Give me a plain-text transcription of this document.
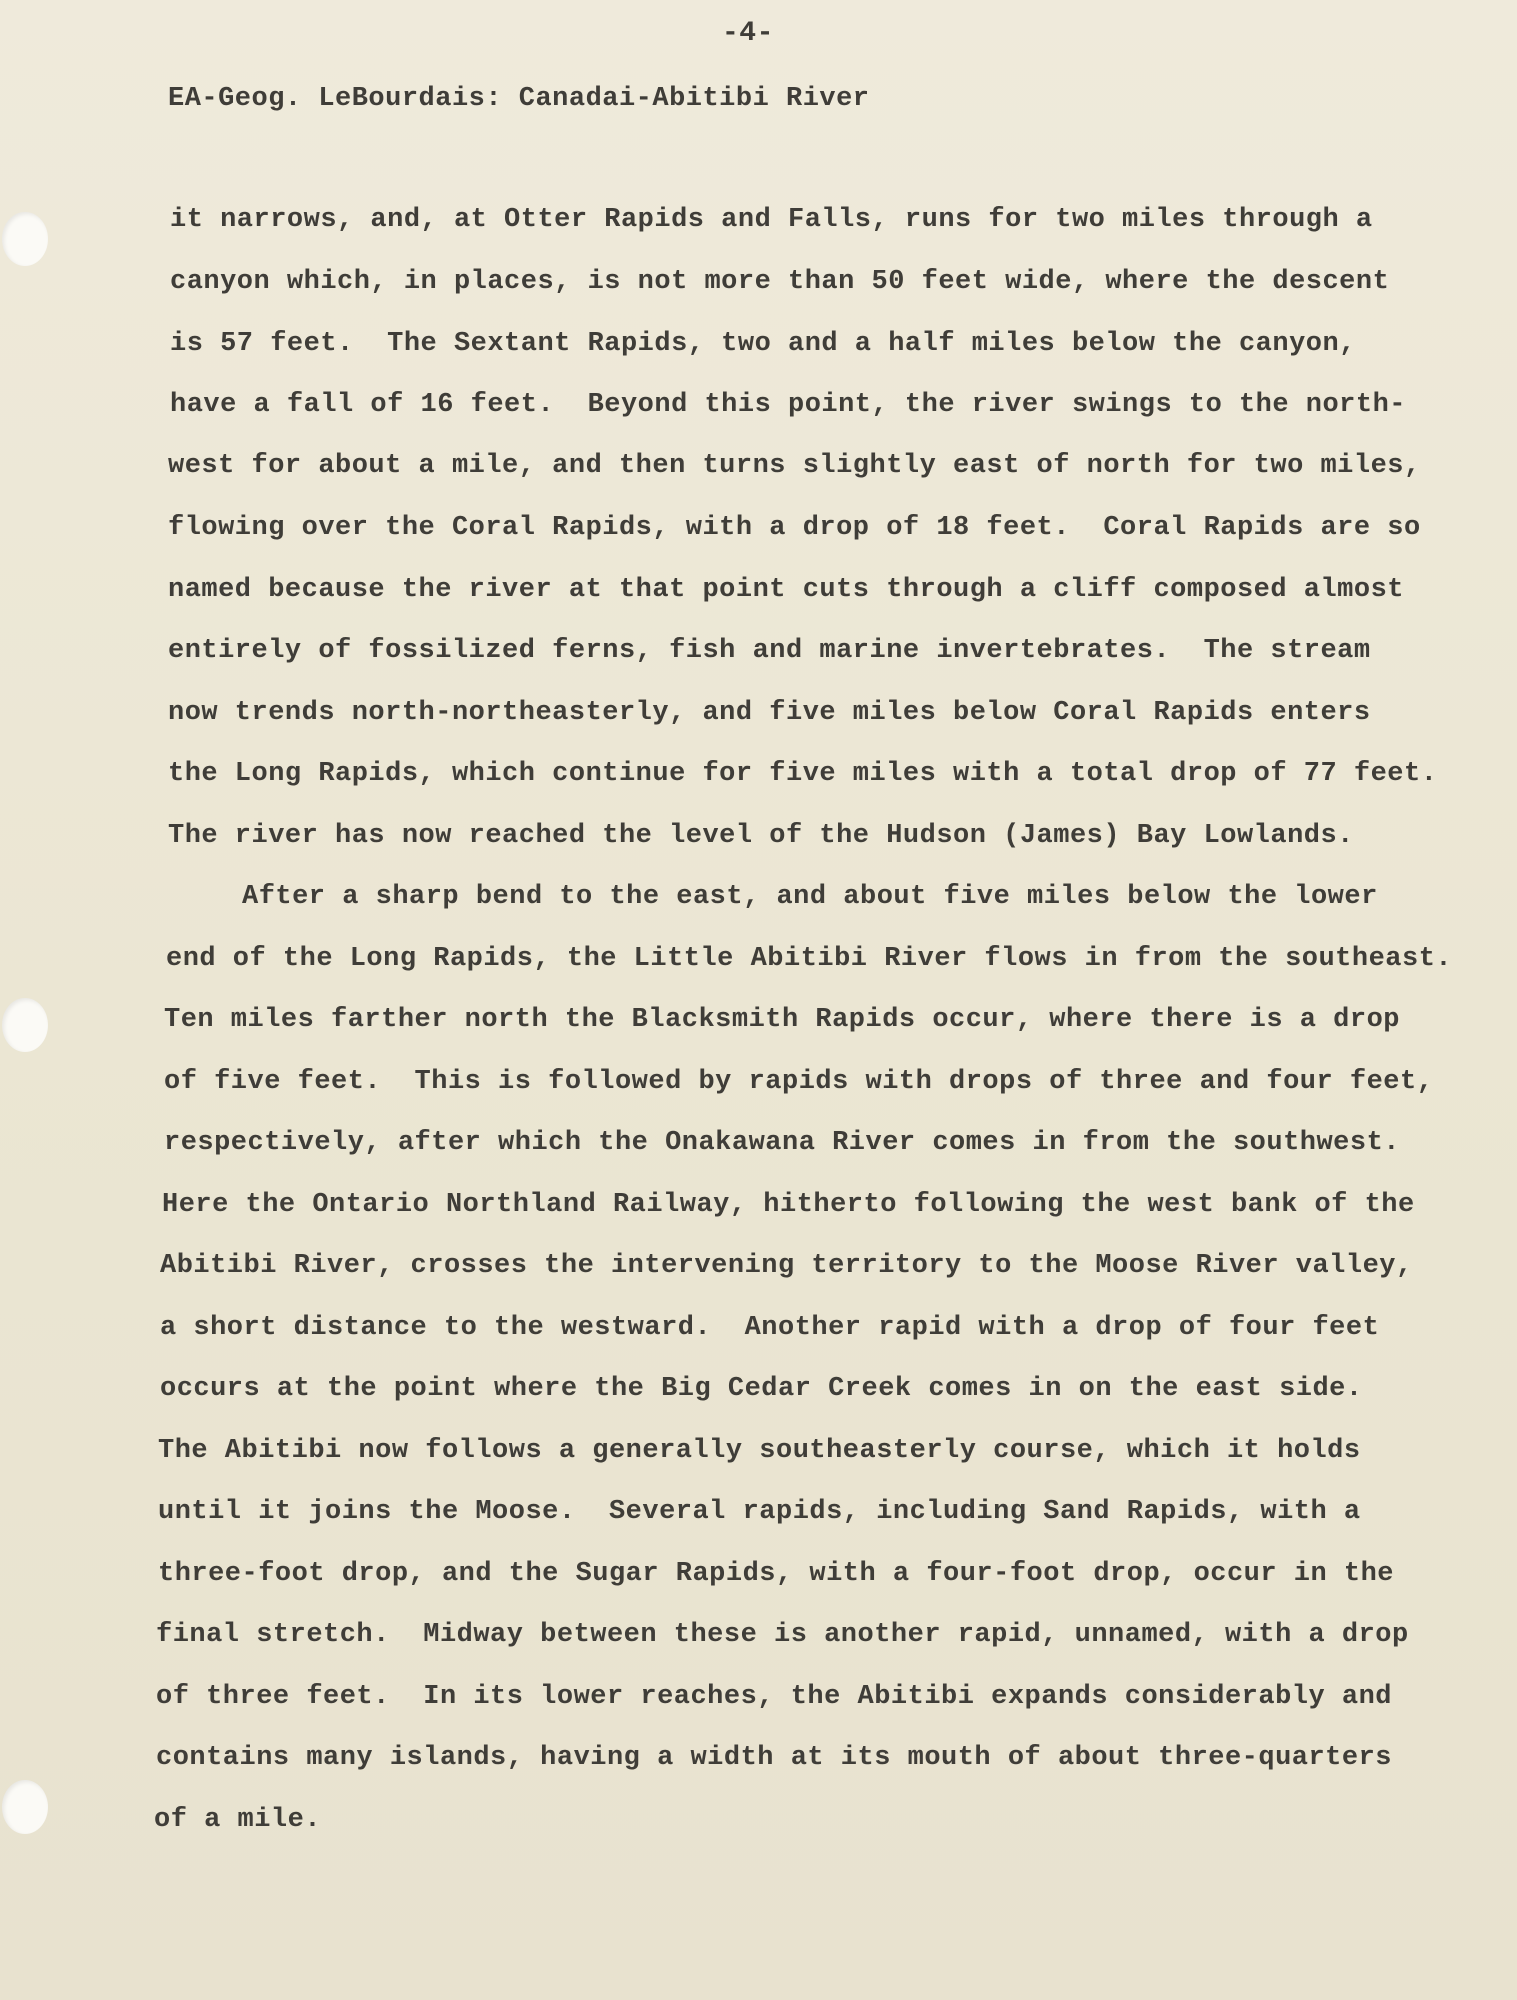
-4-

EA-Geog. LeBourdais: Canadai-Abitibi River

it narrows, and, at Otter Rapids and Falls, runs for two miles through a

canyon which, in places, is not more than 50 feet wide, where the descent

is 57 feet.  The Sextant Rapids, two and a half miles below the canyon,

have a fall of 16 feet.  Beyond this point, the river swings to the north-

west for about a mile, and then turns slightly east of north for two miles,

flowing over the Coral Rapids, with a drop of 18 feet.  Coral Rapids are so

named because the river at that point cuts through a cliff composed almost

entirely of fossilized ferns, fish and marine invertebrates.  The stream

now trends north-northeasterly, and five miles below Coral Rapids enters

the Long Rapids, which continue for five miles with a total drop of 77 feet.

The river has now reached the level of the Hudson (James) Bay Lowlands.

After a sharp bend to the east, and about five miles below the lower

end of the Long Rapids, the Little Abitibi River flows in from the southeast.

Ten miles farther north the Blacksmith Rapids occur, where there is a drop

of five feet.  This is followed by rapids with drops of three and four feet,

respectively, after which the Onakawana River comes in from the southwest.

Here the Ontario Northland Railway, hitherto following the west bank of the

Abitibi River, crosses the intervening territory to the Moose River valley,

a short distance to the westward.  Another rapid with a drop of four feet

occurs at the point where the Big Cedar Creek comes in on the east side.

The Abitibi now follows a generally southeasterly course, which it holds

until it joins the Moose.  Several rapids, including Sand Rapids, with a

three-foot drop, and the Sugar Rapids, with a four-foot drop, occur in the

final stretch.  Midway between these is another rapid, unnamed, with a drop

of three feet.  In its lower reaches, the Abitibi expands considerably and

contains many islands, having a width at its mouth of about three-quarters

of a mile.
